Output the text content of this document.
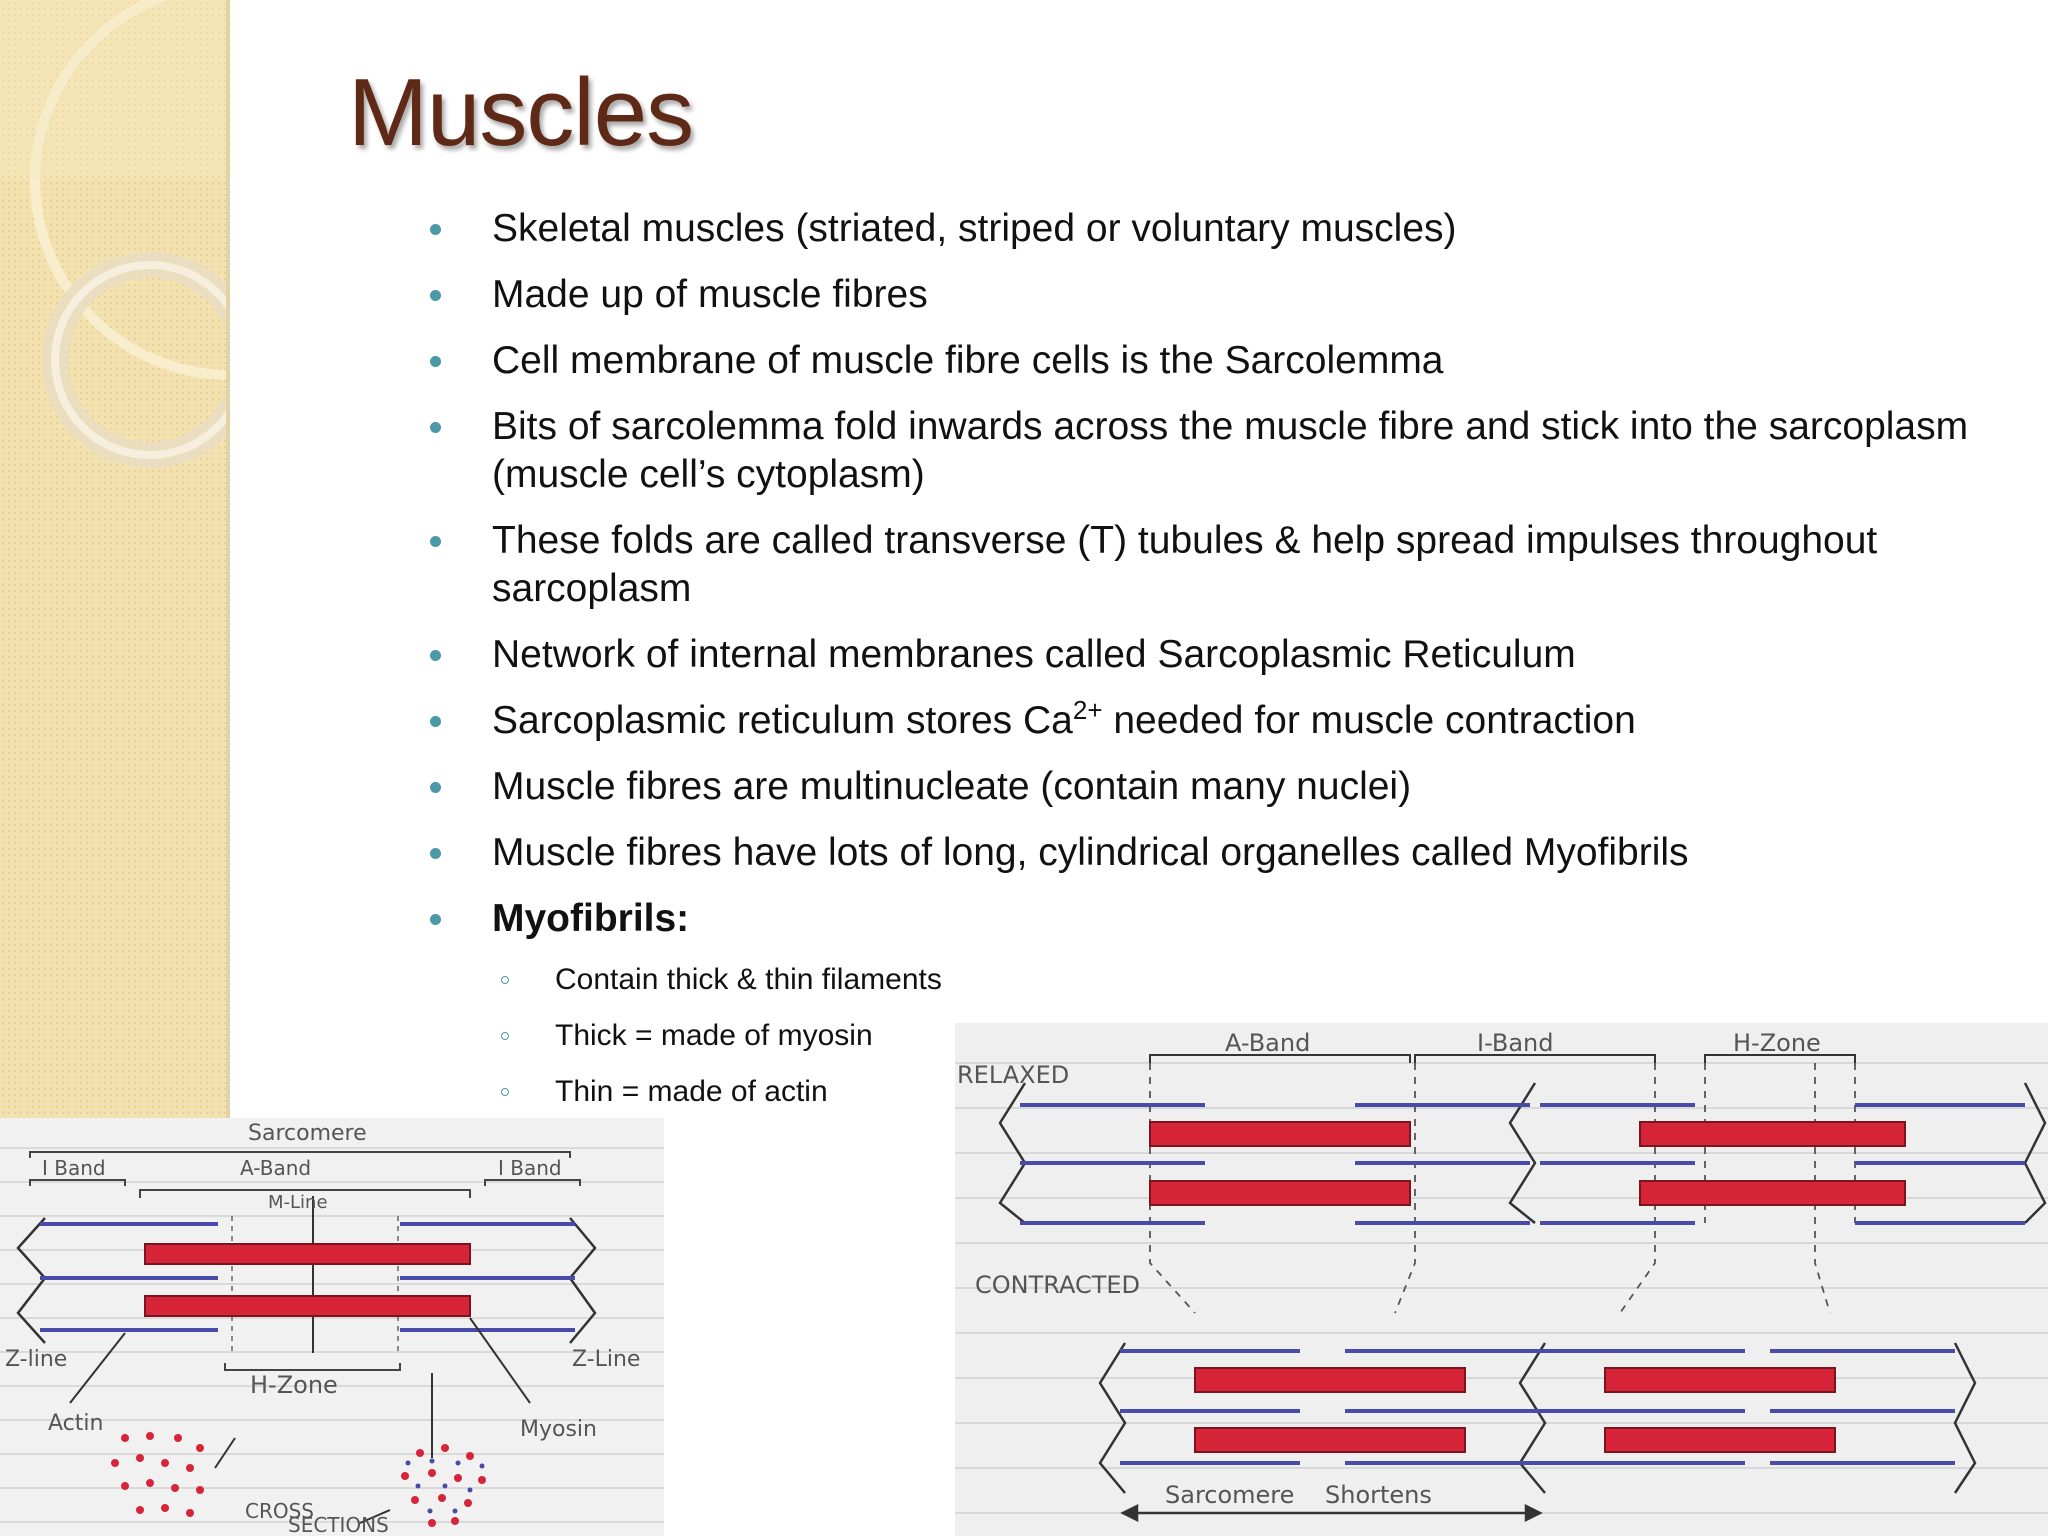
Muscles
Skeletal muscles (striated, striped or voluntary muscles)
Made up of muscle fibres
Cell membrane of muscle fibre cells is the Sarcolemma
Bits of sarcolemma fold inwards across the muscle fibre and stick into the sarcoplasm (muscle cell’s cytoplasm)
These folds are called transverse (T) tubules & help spread impulses throughout sarcoplasm
Network of internal membranes called Sarcoplasmic Reticulum
Sarcoplasmic reticulum stores $Ca^{2+}$ needed for muscle contraction
Muscle fibres are multinucleate (contain many nuclei)
Muscle fibres have lots of long, cylindrical organelles called Myofibrils
Myofibrils:
Contain thick & thin filaments
Thick = made of myosin
Thin = made of actin
Sarcomere
I Band	A-Band	I Band
M-Line
Z-line
H-Zone
Z-Line
Actin	Myosin
CROSS
SECTIONS
RELAXED
A-Band	I-Band	H-Zone
CONTRACTED
Sarcomere Shortens
